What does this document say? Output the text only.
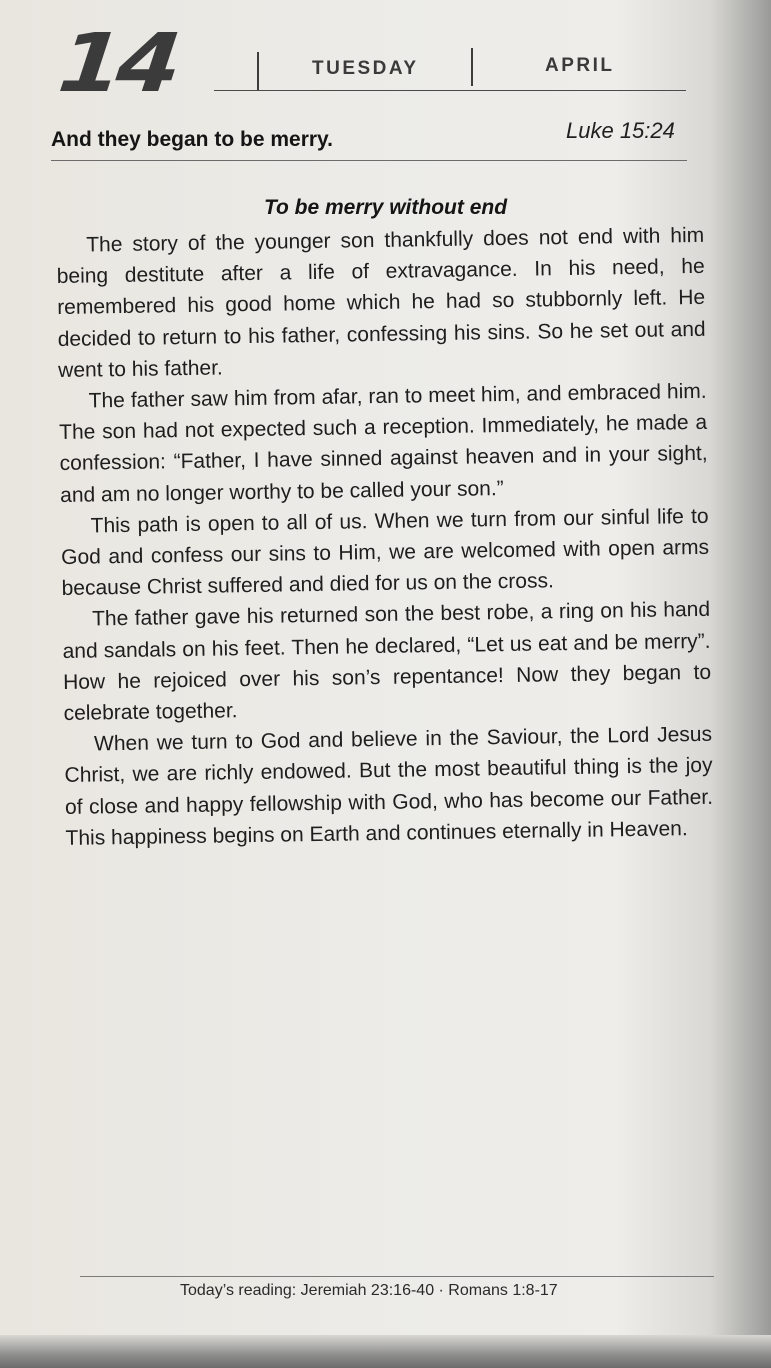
14	TUESDAY	APRIL
And they began to be merry.	Luke 15:24
To be merry without end

The story of the younger son thankfully does not end with him being destitute after a life of extravagance. In his need, he remembered his good home which he had so stubbornly left. He decided to return to his father, confessing his sins. So he set out and went to his father.

The father saw him from afar, ran to meet him, and embraced him. The son had not expected such a reception. Immediately, he made a confession: “Father, I have sinned against heaven and in your sight, and am no longer worthy to be called your son.”

This path is open to all of us. When we turn from our sinful life to God and confess our sins to Him, we are welcomed with open arms because Christ suffered and died for us on the cross.

The father gave his returned son the best robe, a ring on his hand and sandals on his feet. Then he declared, “Let us eat and be merry”. How he rejoiced over his son’s repentance! Now they began to celebrate together.

When we turn to God and believe in the Saviour, the Lord Jesus Christ, we are richly endowed. But the most beautiful thing is the joy of close and happy fellowship with God, who has become our Father. This happiness begins on Earth and continues eternally in Heaven.

Today’s reading: Jeremiah 23:16-40 · Romans 1:8-17
